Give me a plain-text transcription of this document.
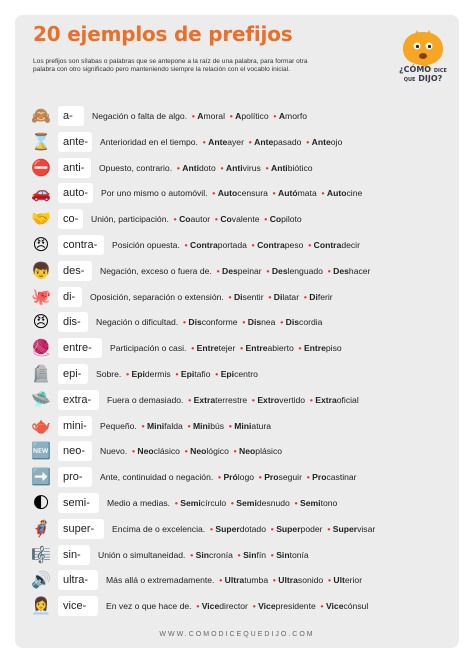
20 ejemplos de prefijos
Los prefijos son sílabas o palabras que se antepone a la raíz de una palabra, para formar otra palabra con otro significado pero manteniendo siempre la relación con el vocablo inicial.	¿CÓMO DICE
QUE DIJO?
🙈	a-	Negación o falta de algo. • Amoral • Apolítico • Amorfo
⌛	ante-	Anterioridad en el tiempo. • Anteayer • Antepasado • Anteojo
⛔	anti-	Opuesto, contrario. • Antidoto • Antivirus • Antibiótico
🚗	auto-	Por uno mismo o automóvil. • Autocensura • Autómata • Autocine
🤝	co-	Unión, participación. • Coautor • Covalente • Copiloto
😠	contra-	Posición opuesta. • Contraportada • Contrapeso • Contradecir
👦	des-	Negación, exceso o fuera de. • Despeinar • Deslenguado • Deshacer
🐙	di-	Oposición, separación o extensión. • Disentir • Dilatar • Diferir
😠	dis-	Negación o dificultad. • Disconforme • Disnea • Discordia
🧶	entre-	Participación o casi. • Entretejer • Entreabierto • Entrepiso
🪦	epi-	Sobre. • Epidermis • Epitafio • Epicentro
🛸	extra-	Fuera o demasiado. • Extraterrestre • Extrovertido • Extraoficial
🫖	mini-	Pequeño. • Minifalda • Minibús • Miniatura
🆕	neo-	Nuevo. • Neoclásico • Neológico • Neoplásico
➡️	pro-	Ante, continuidad o negación. • Prólogo • Proseguir • Procastinar
🌓	semi-	Medio a medias. • Semicírculo • Semidesnudo • Semitono
🦸	super-	Encima de o excelencia. • Superdotado • Superpoder • Supervisar
🎼	sin-	Unión o simultaneidad. • Sincronía • Sinfín • Sintonía
🔊	ultra-	Más allá o extremadamente. • Ultratumba • Ultrasonido • Ulterior
👩‍💼	vice-	En vez o que hace de. • Vicedirector • Vicepresidente • Vicecónsul
WWW.COMODICEQUEDIJO.COM
